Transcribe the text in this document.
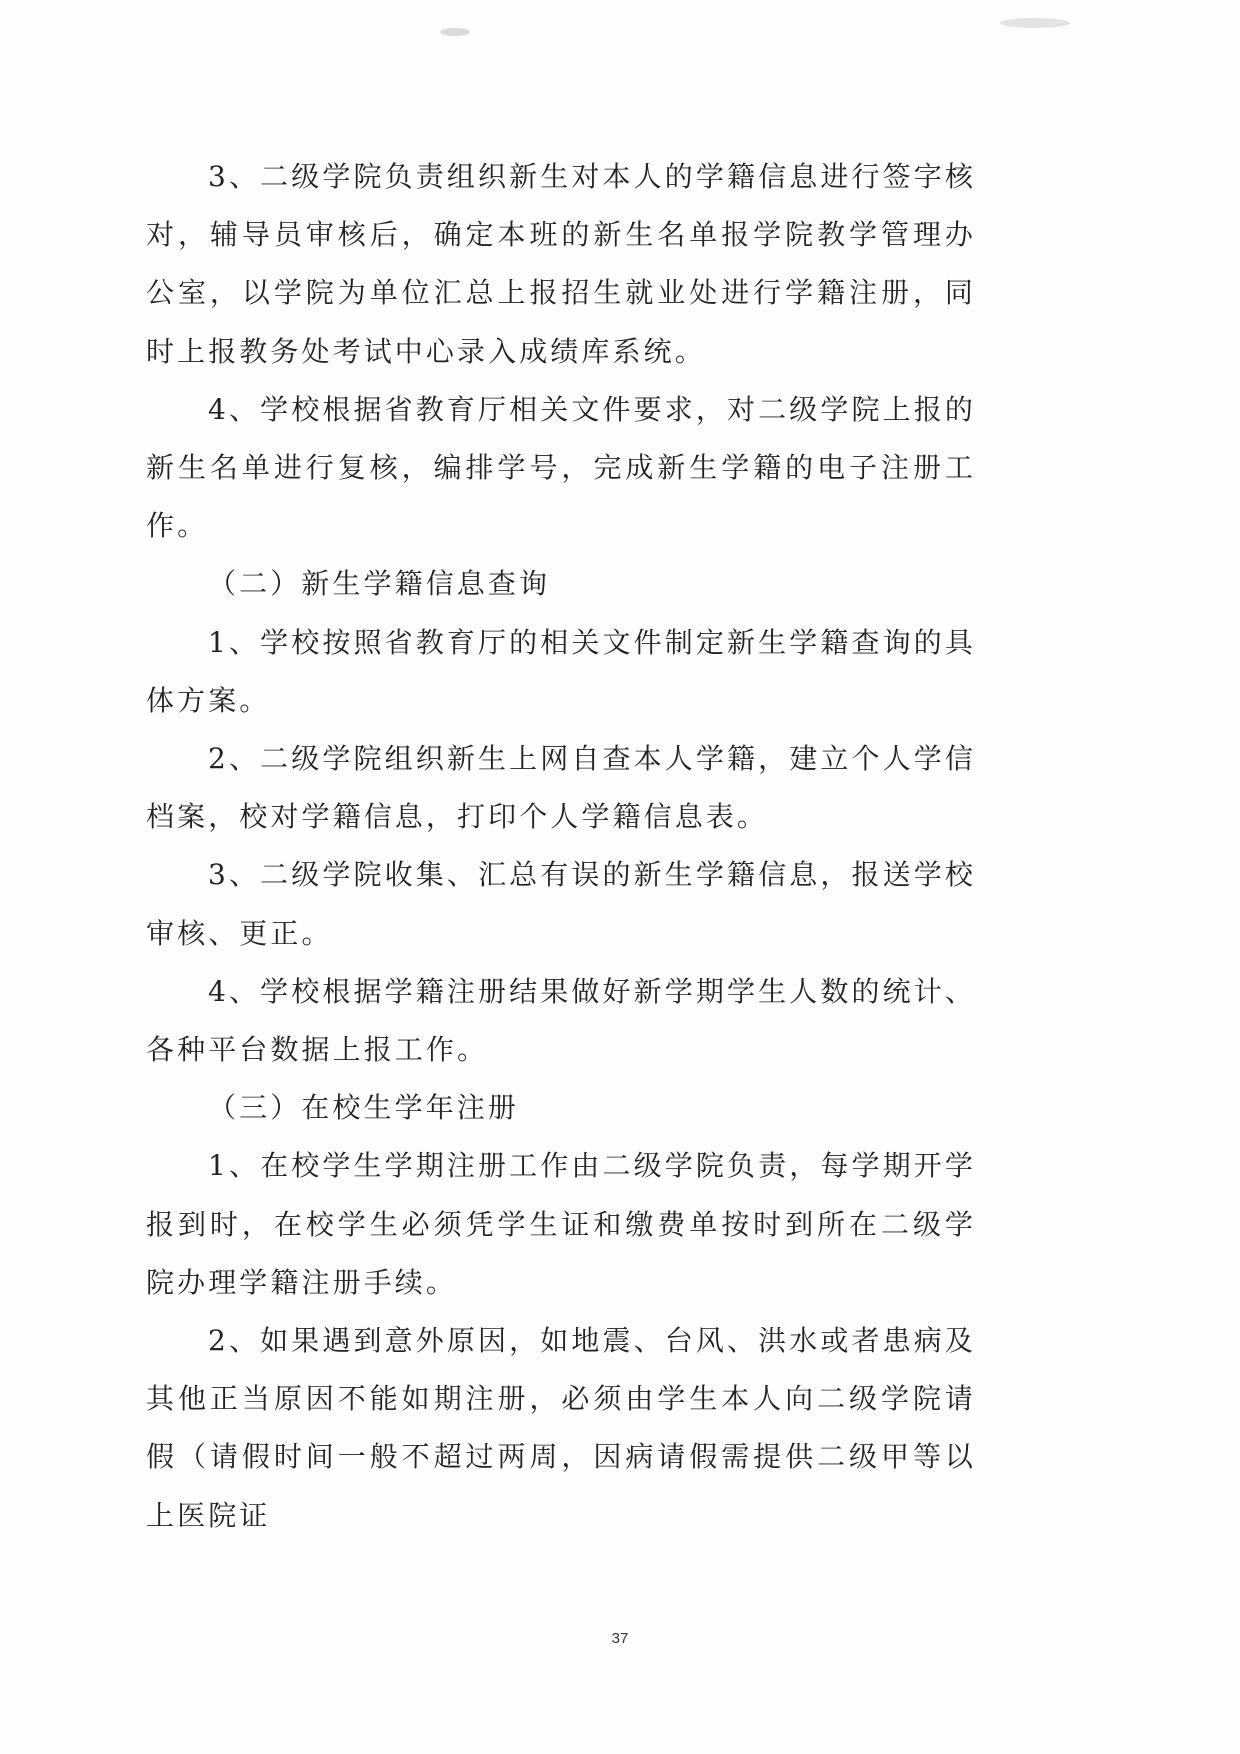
3、二级学院负责组织新生对本人的学籍信息进行签字核对，辅导员审核后，确定本班的新生名单报学院教学管理办公室，以学院为单位汇总上报招生就业处进行学籍注册，同时上报教务处考试中心录入成绩库系统。

4、学校根据省教育厅相关文件要求，对二级学院上报的新生名单进行复核，编排学号，完成新生学籍的电子注册工作。

（二）新生学籍信息查询

1、学校按照省教育厅的相关文件制定新生学籍查询的具体方案。

2、二级学院组织新生上网自查本人学籍，建立个人学信档案，校对学籍信息，打印个人学籍信息表。

3、二级学院收集、汇总有误的新生学籍信息，报送学校审核、更正。

4、学校根据学籍注册结果做好新学期学生人数的统计、各种平台数据上报工作。

（三）在校生学年注册

1、在校学生学期注册工作由二级学院负责，每学期开学报到时，在校学生必须凭学生证和缴费单按时到所在二级学院办理学籍注册手续。

2、如果遇到意外原因，如地震、台风、洪水或者患病及其他正当原因不能如期注册，必须由学生本人向二级学院请假（请假时间一般不超过两周，因病请假需提供二级甲等以上医院证

37
